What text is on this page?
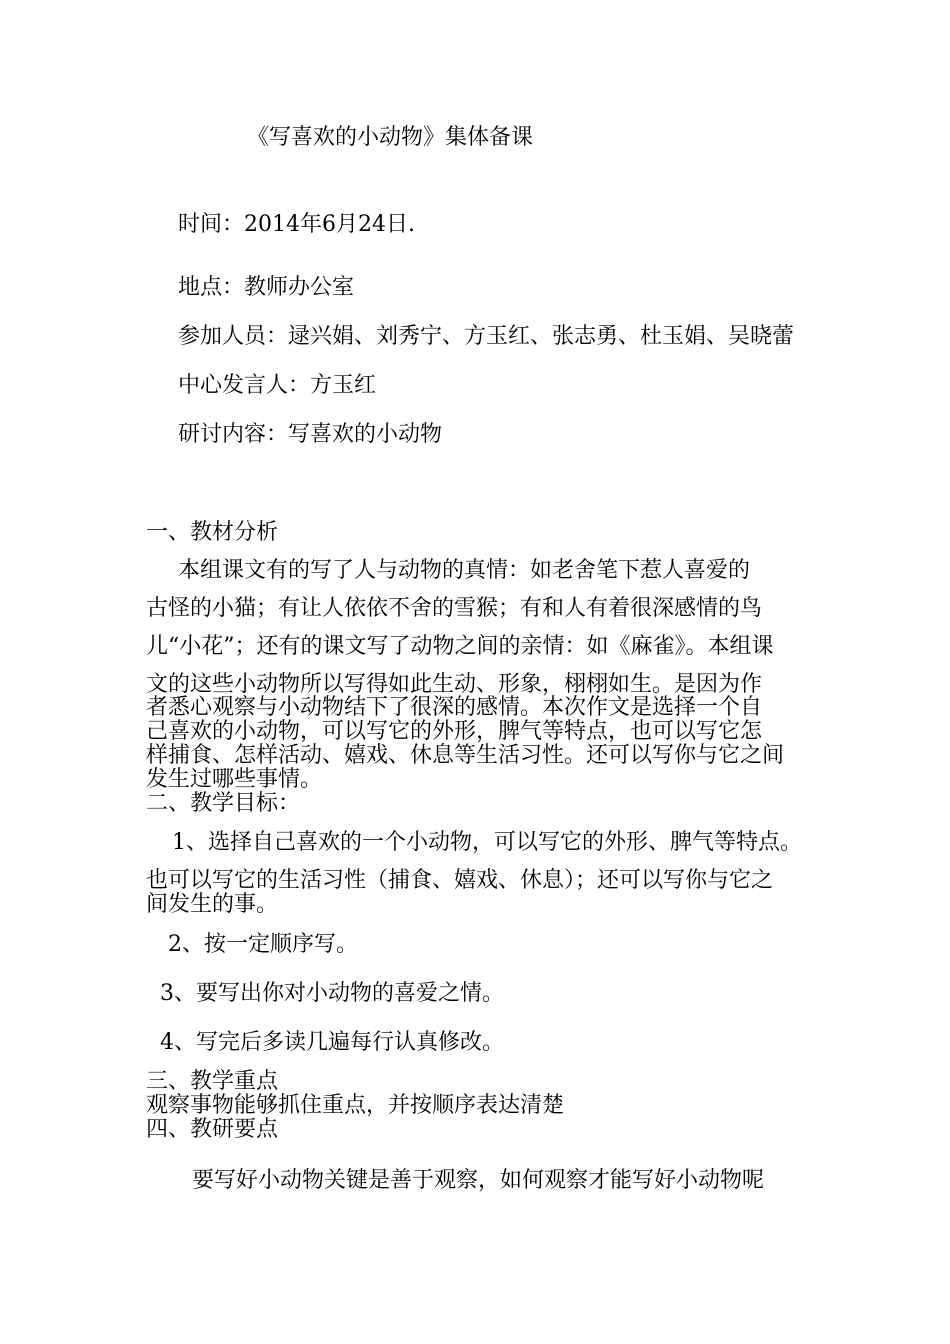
《写喜欢的小动物》集体备课
时间：2014年6月24日.
地点：教师办公室
参加人员：逯兴娟、刘秀宁、方玉红、张志勇、杜玉娟、吴晓蕾
中心发言人：方玉红
研讨内容：写喜欢的小动物
一、教材分析
本组课文有的写了人与动物的真情：如老舍笔下惹人喜爱的
古怪的小猫；有让人依依不舍的雪猴；有和人有着很深感情的鸟
儿“小花”；还有的课文写了动物之间的亲情：如《麻雀》。本组课
文的这些小动物所以写得如此生动、形象，栩栩如生。是因为作
者悉心观察与小动物结下了很深的感情。本次作文是选择一个自
己喜欢的小动物，可以写它的外形，脾气等特点，也可以写它怎
样捕食、怎样活动、嬉戏、休息等生活习性。还可以写你与它之间
发生过哪些事情。
二、教学目标：
1、选择自己喜欢的一个小动物，可以写它的外形、脾气等特点。
也可以写它的生活习性（捕食、嬉戏、休息）；还可以写你与它之
间发生的事。
2、按一定顺序写。
3、要写出你对小动物的喜爱之情。
4、写完后多读几遍每行认真修改。
三、教学重点
观察事物能够抓住重点，并按顺序表达清楚
四、教研要点
要写好小动物关键是善于观察，如何观察才能写好小动物呢
